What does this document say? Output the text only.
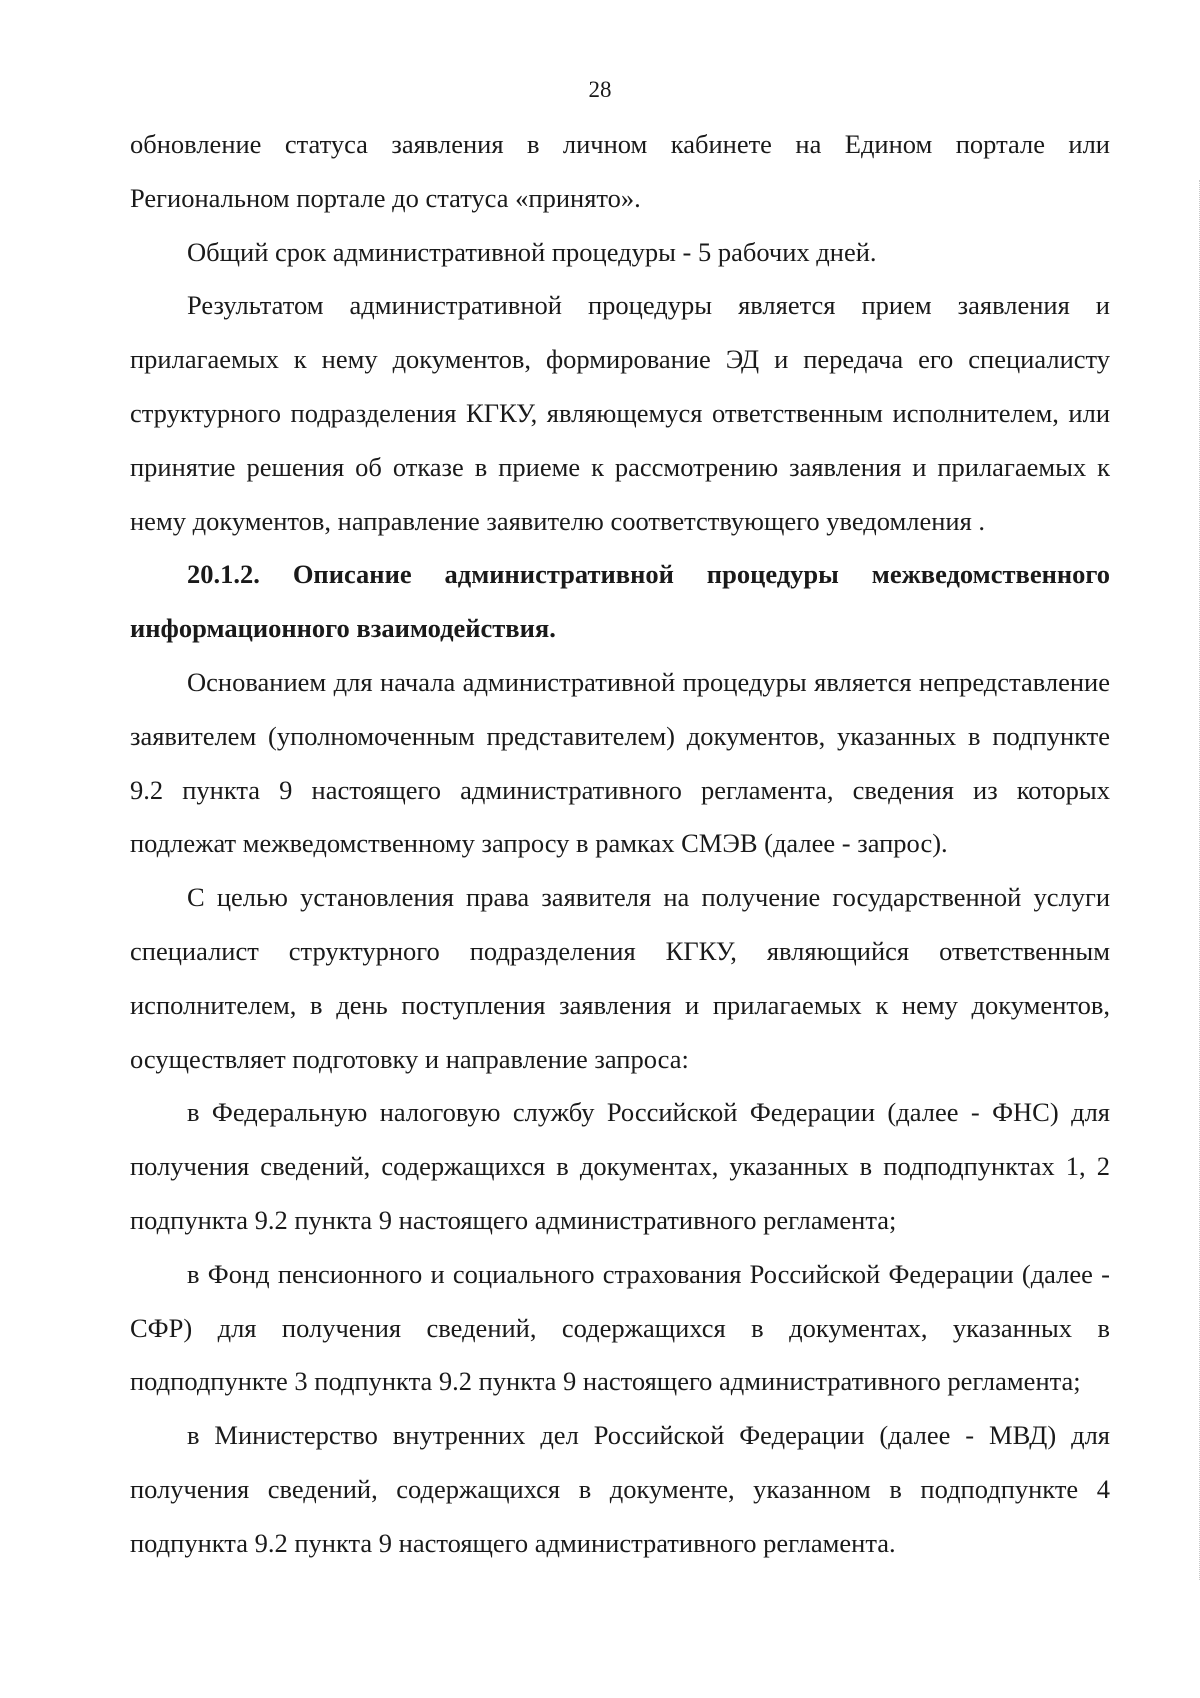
28

обновление статуса заявления в личном кабинете на Едином портале или Региональном портале до статуса «принято».

Общий срок административной процедуры - 5 рабочих дней.

Результатом административной процедуры является прием заявления и прилагаемых к нему документов, формирование ЭД и передача его специалисту структурного подразделения КГКУ, являющемуся ответственным исполнителем, или принятие решения об отказе в приеме к рассмотрению заявления и прилагаемых к нему документов, направление заявителю соответствующего уведомления .

20.1.2. Описание административной процедуры межведомственного информационного взаимодействия.

Основанием для начала административной процедуры является непредставление заявителем (уполномоченным представителем) документов, указанных в подпункте 9.2 пункта 9 настоящего административного регламента, сведения из которых подлежат межведомственному запросу в рамках СМЭВ (далее - запрос).

С целью установления права заявителя на получение государственной услуги специалист структурного подразделения КГКУ, являющийся ответственным исполнителем, в день поступления заявления и прилагаемых к нему документов, осуществляет подготовку и направление запроса:

в Федеральную налоговую службу Российской Федерации (далее - ФНС) для получения сведений, содержащихся в документах, указанных в подподпунктах 1, 2 подпункта 9.2 пункта 9 настоящего административного регламента;

в Фонд пенсионного и социального страхования Российской Федерации (далее - СФР) для получения сведений, содержащихся в документах, указанных в подподпункте 3 подпункта 9.2 пункта 9 настоящего административного регламента;

в Министерство внутренних дел Российской Федерации (далее - МВД) для получения сведений, содержащихся в документе, указанном в подподпункте 4 подпункта 9.2 пункта 9 настоящего административного регламента.
